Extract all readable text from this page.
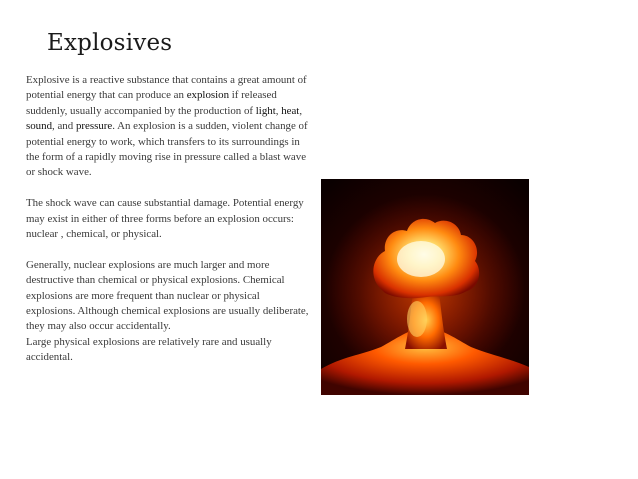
Explosives

Explosive is a reactive substance that contains a great amount of potential energy that can produce an explosion if released suddenly, usually accompanied by the production of light, heat, sound, and pressure. An explosion is a sudden, violent change of potential energy to work, which transfers to its surroundings in the form of a rapidly moving rise in pressure called a blast wave or shock wave.

The shock wave can cause substantial damage. Potential energy may exist in either of three forms before an explosion occurs: nuclear , chemical, or physical.

Generally, nuclear explosions are much larger and more destructive than chemical or physical explosions. Chemical explosions are more frequent than nuclear or physical explosions. Although chemical explosions are usually deliberate, they may also occur accidentally.
Large physical explosions are relatively rare and usually accidental.
